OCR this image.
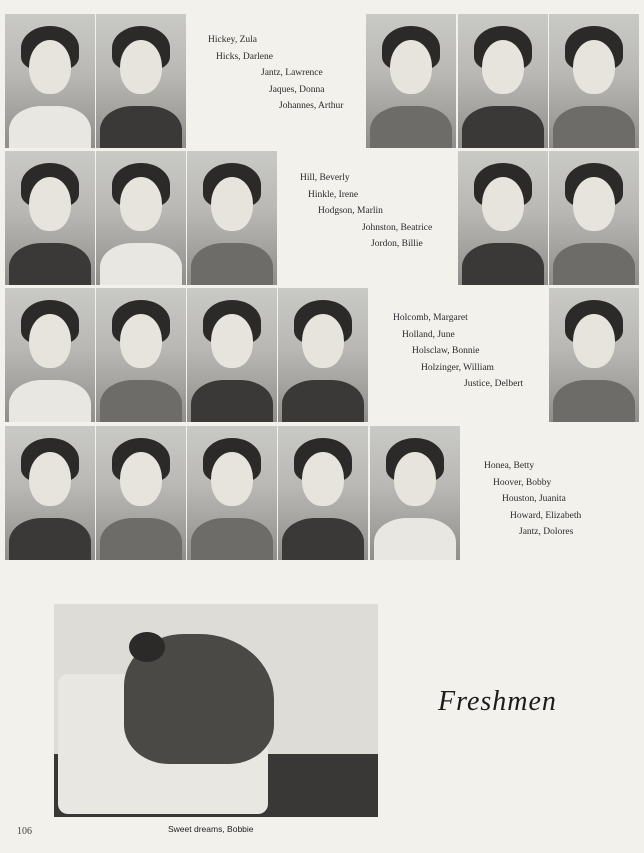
Hickey, Zula
Hicks, Darlene
Jantz, Lawrence
Jaques, Donna
Johannes, Arthur
Hill, Beverly
Hinkle, Irene
Hodgson, Marlin
Johnston, Beatrice
Jordon, Billie
Holcomb, Margaret
Holland, June
Holsclaw, Bonnie
Holzinger, William
Justice, Delbert
Honea, Betty
Hoover, Bobby
Houston, Juanita
Howard, Elizabeth
Jantz, Dolores
Sweet dreams, Bobbie
106
Freshmen
